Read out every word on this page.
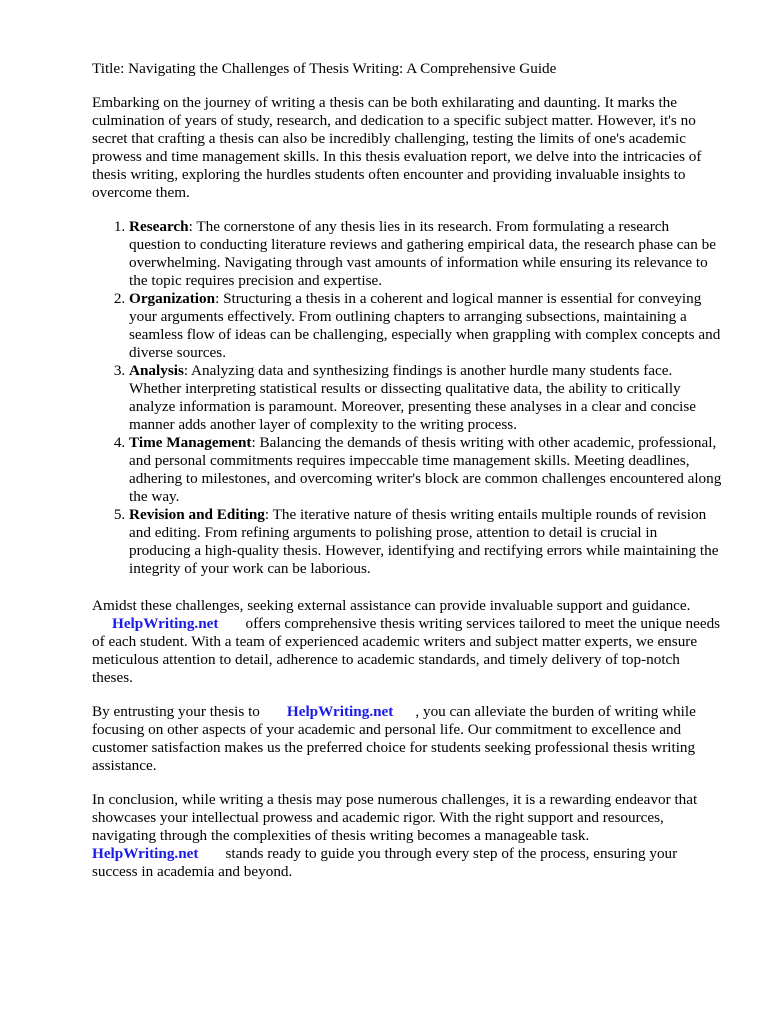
Title: Navigating the Challenges of Thesis Writing: A Comprehensive Guide

Embarking on the journey of writing a thesis can be both exhilarating and daunting. It marks the culmination of years of study, research, and dedication to a specific subject matter. However, it's no secret that crafting a thesis can also be incredibly challenging, testing the limits of one's academic prowess and time management skills. In this thesis evaluation report, we delve into the intricacies of thesis writing, exploring the hurdles students often encounter and providing invaluable insights to overcome them.

1. Research: The cornerstone of any thesis lies in its research. From formulating a research question to conducting literature reviews and gathering empirical data, the research phase can be overwhelming. Navigating through vast amounts of information while ensuring its relevance to the topic requires precision and expertise.
2. Organization: Structuring a thesis in a coherent and logical manner is essential for conveying your arguments effectively. From outlining chapters to arranging subsections, maintaining a seamless flow of ideas can be challenging, especially when grappling with complex concepts and diverse sources.
3. Analysis: Analyzing data and synthesizing findings is another hurdle many students face. Whether interpreting statistical results or dissecting qualitative data, the ability to critically analyze information is paramount. Moreover, presenting these analyses in a clear and concise manner adds another layer of complexity to the writing process.
4. Time Management: Balancing the demands of thesis writing with other academic, professional, and personal commitments requires impeccable time management skills. Meeting deadlines, adhering to milestones, and overcoming writer's block are common challenges encountered along the way.
5. Revision and Editing: The iterative nature of thesis writing entails multiple rounds of revision and editing. From refining arguments to polishing prose, attention to detail is crucial in producing a high-quality thesis. However, identifying and rectifying errors while maintaining the integrity of your work can be laborious.

Amidst these challenges, seeking external assistance can provide invaluable support and guidance.
HelpWriting.net offers comprehensive thesis writing services tailored to meet the unique needs of each student. With a team of experienced academic writers and subject matter experts, we ensure meticulous attention to detail, adherence to academic standards, and timely delivery of top-notch theses.

By entrusting your thesis to HelpWriting.net , you can alleviate the burden of writing while focusing on other aspects of your academic and personal life. Our commitment to excellence and customer satisfaction makes us the preferred choice for students seeking professional thesis writing assistance.

In conclusion, while writing a thesis may pose numerous challenges, it is a rewarding endeavor that showcases your intellectual prowess and academic rigor. With the right support and resources, navigating through the complexities of thesis writing becomes a manageable task.
HelpWriting.net stands ready to guide you through every step of the process, ensuring your success in academia and beyond.
